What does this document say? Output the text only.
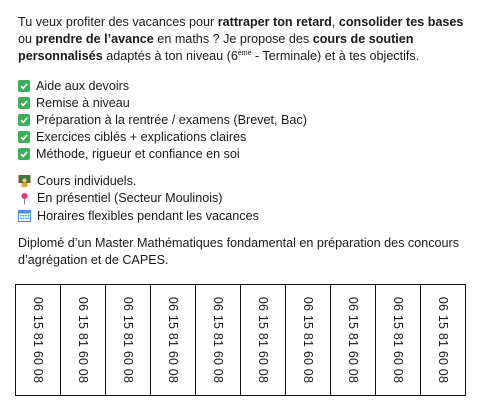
Tu veux profiter des vacances pour rattraper ton retard, consolider tes bases ou prendre de l’avance en maths ? Je propose des cours de soutien personnalisés adaptés à ton niveau (6ème - Terminale) et à tes objectifs.

Aide aux devoirs
Remise à niveau
Préparation à la rentrée / examens (Brevet, Bac)
Exercices ciblés + explications claires
Méthode, rigueur et confiance en soi
Cours individuels.
En présentiel (Secteur Moulinois)
Horaires flexibles pendant les vacances

Diplomé d’un Master Mathématiques fondamental en préparation des concours d’agrégation et de CAPES.

06 15 81 60 08 06 15 81 60 08 06 15 81 60 08 06 15 81 60 08 06 15 81 60 08 06 15 81 60 08 06 15 81 60 08 06 15 81 60 08 06 15 81 60 08 06 15 81 60 08
